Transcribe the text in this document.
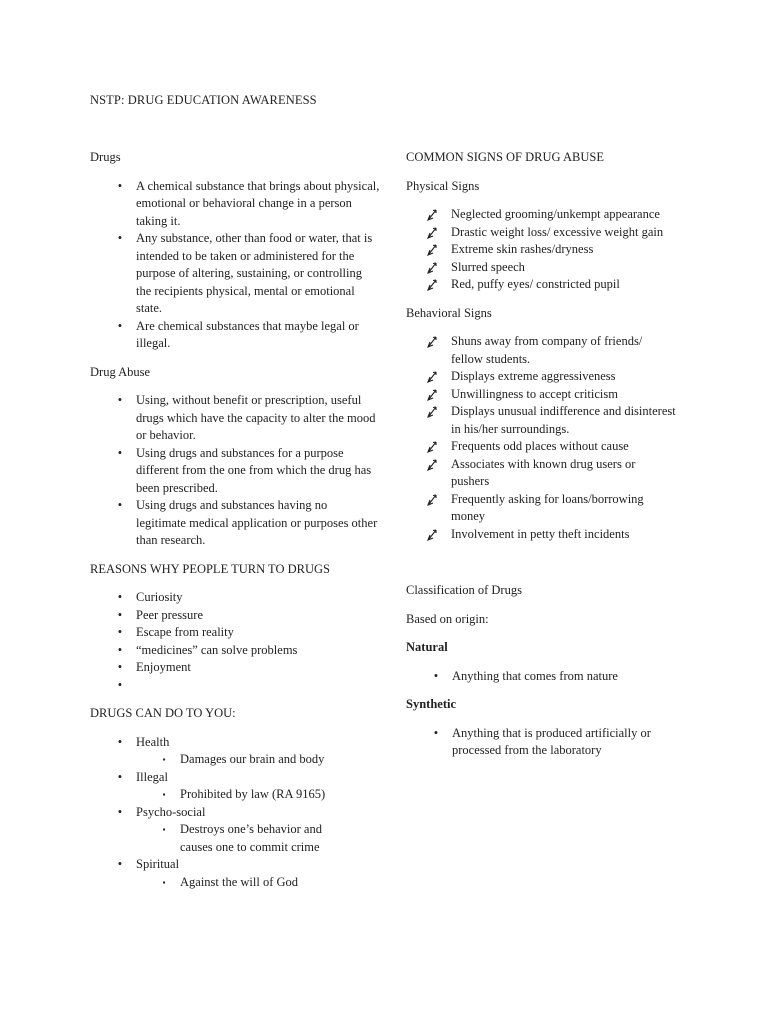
NSTP: DRUG EDUCATION AWARENESS

Drugs

•	A chemical substance that brings about physical, emotional or behavioral change in a person taking it.
•	Any substance, other than food or water, that is intended to be taken or administered for the purpose of altering, sustaining, or controlling the recipients physical, mental or emotional state.
•	Are chemical substances that maybe legal or illegal.

Drug Abuse

•	Using, without benefit or prescription, useful drugs which have the capacity to alter the mood or behavior.
•	Using drugs and substances for a purpose different from the one from which the drug has been prescribed.
•	Using drugs and substances having no legitimate medical application or purposes other than research.

REASONS WHY PEOPLE TURN TO DRUGS

•	Curiosity
•	Peer pressure
•	Escape from reality
•	“medicines” can solve problems
•	Enjoyment
•

DRUGS CAN DO TO YOU:

•	Health
▪ Damages our brain and body
•	Illegal
▪ Prohibited by law (RA 9165)
•	Psycho-social
▪ Destroys one’s behavior and causes one to commit crime
•	Spiritual
▪ Against the will of God

COMMON SIGNS OF DRUG ABUSE

Physical Signs

Neglected grooming/unkempt appearance
Drastic weight loss/ excessive weight gain
Extreme skin rashes/dryness
Slurred speech
Red, puffy eyes/ constricted pupil

Behavioral Signs

Shuns away from company of friends/ fellow students.
Displays extreme aggressiveness
Unwillingness to accept criticism
Displays unusual indifference and disinterest in his/her surroundings.
Frequents odd places without cause
Associates with known drug users or pushers
Frequently asking for loans/borrowing money
Involvement in petty theft incidents

Classification of Drugs

Based on origin:

Natural

•	Anything that comes from nature

Synthetic

•	Anything that is produced artificially or processed from the laboratory
